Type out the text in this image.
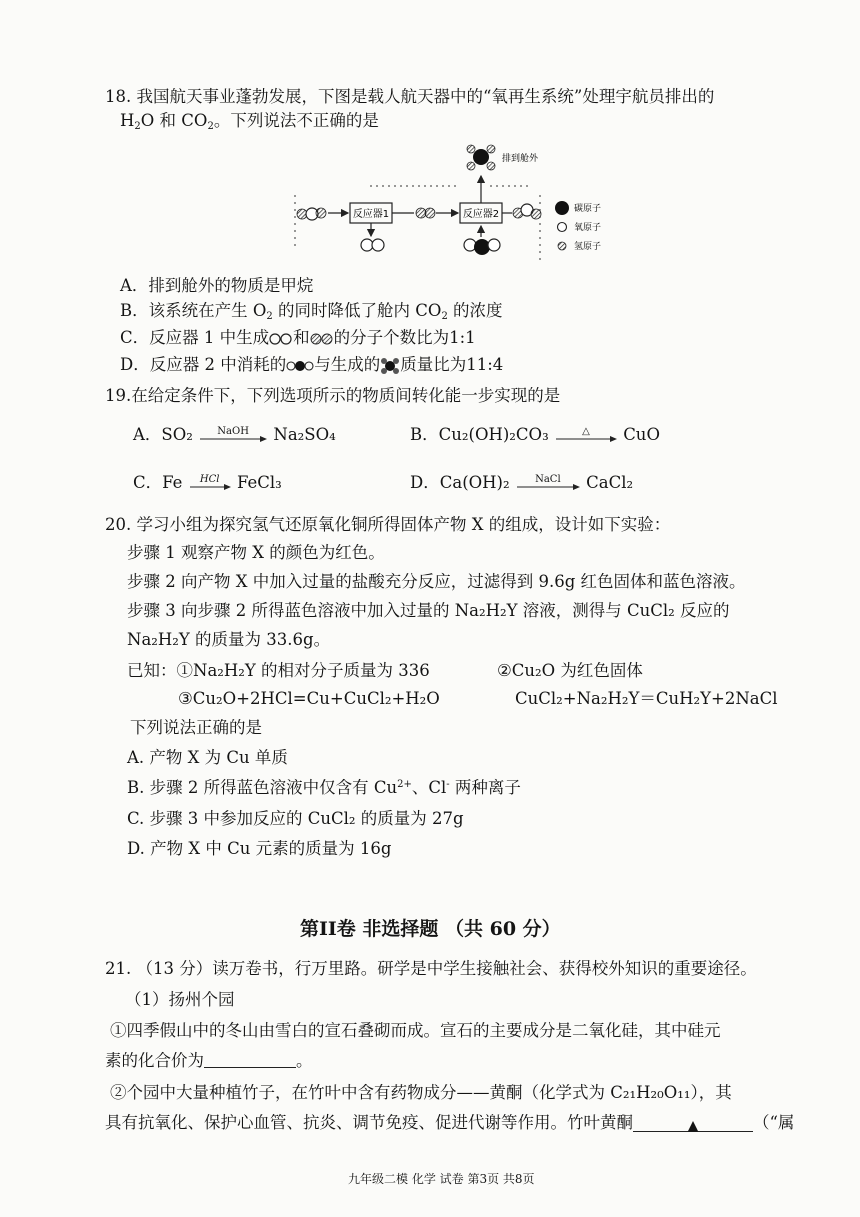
18. 我国航天事业蓬勃发展，下图是载人航天器中的“氧再生系统”处理宇航员排出的
$H_2O$ 和 $CO_2$。下列说法不正确的是
反应器1	反应器2
排到舱外
碳原子
氧原子
氢原子
A．排到舱外的物质是甲烷
B．该系统在产生 $O_2$ 的同时降低了舱内 $CO_2$ 的浓度
C．反应器 1 中生成 和 的分子个数比为1:1
D．反应器 2 中消耗的 与生成的 质量比为11:4
19.在给定条件下，下列选项所示的物质间转化能一步实现的是
A．SO₂	NaOH	Na₂SO₄	B．Cu₂(OH)₂CO₃	△	CuO
C．Fe	HCl	FeCl₃	D．Ca(OH)₂	NaCl	CaCl₂
20. 学习小组为探究氢气还原氧化铜所得固体产物 X 的组成，设计如下实验：
步骤 1 观察产物 X 的颜色为红色。
步骤 2 向产物 X 中加入过量的盐酸充分反应，过滤得到 9.6g 红色固体和蓝色溶液。
步骤 3 向步骤 2 所得蓝色溶液中加入过量的 Na₂H₂Y 溶液，测得与 CuCl₂ 反应的
Na₂H₂Y 的质量为 33.6g。
已知：①Na₂H₂Y 的相对分子质量为 336	②Cu₂O 为红色固体
③Cu₂O+2HCl=Cu+CuCl₂+H₂O	CuCl₂+Na₂H₂Y＝CuH₂Y+2NaCl
下列说法正确的是
A. 产物 X 为 Cu 单质
B. 步骤 2 所得蓝色溶液中仅含有 $Cu^{2+}$、Cl- 两种离子
C. 步骤 3 中参加反应的 CuCl₂ 的质量为 27g
D. 产物 X 中 Cu 元素的质量为 16g
第II卷 非选择题 （共 60 分）
21. （13 分）读万卷书，行万里路。研学是中学生接触社会、获得校外知识的重要途径。
（1）扬州个园
①四季假山中的冬山由雪白的宣石叠砌而成。宣石的主要成分是二氧化硅，其中硅元
素的化合价为	。
②个园中大量种植竹子，在竹叶中含有药物成分——黄酮（化学式为 C₂₁H₂₀O₁₁），其
具有抗氧化、保护心血管、抗炎、调节免疫、促进代谢等作用。竹叶黄酮	▲	（“属
九年级二模 化学 试卷 第3页 共8页
